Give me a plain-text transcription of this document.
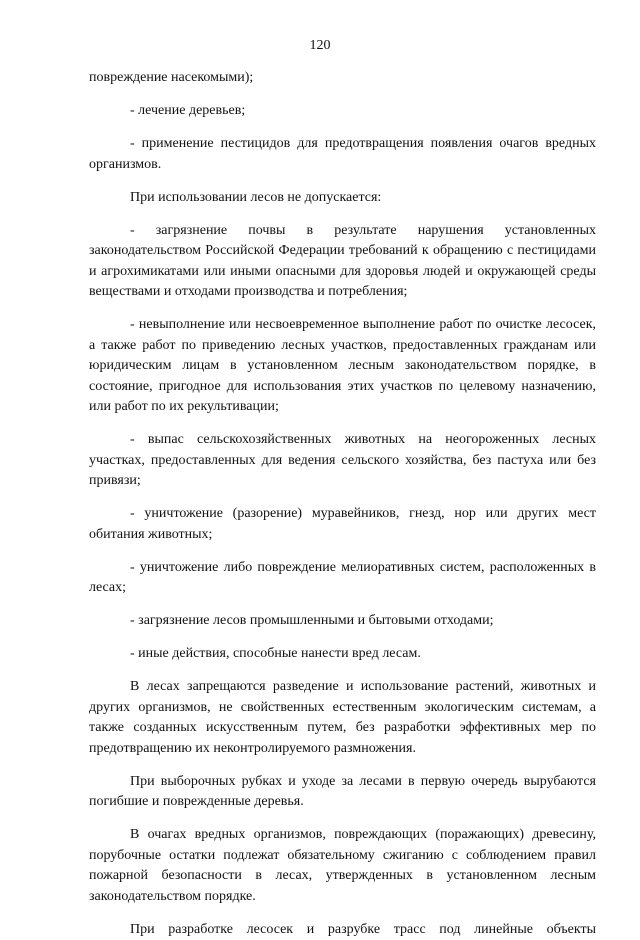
120

повреждение насекомыми);

- лечение деревьев;

- применение пестицидов для предотвращения появления очагов вредных организмов.

При использовании лесов не допускается:

- загрязнение почвы в результате нарушения установленных законодательством Российской Федерации требований к обращению с пестицидами и агрохимикатами или иными опасными для здоровья людей и окружающей среды веществами и отходами производства и потребления;

- невыполнение или несвоевременное выполнение работ по очистке лесосек, а также работ по приведению лесных участков, предоставленных гражданам или юридическим лицам в установленном лесным законодательством порядке, в состояние, пригодное для использования этих участков по целевому назначению, или работ по их рекультивации;

- выпас сельскохозяйственных животных на неогороженных лесных участках, предоставленных для ведения сельского хозяйства, без пастуха или без привязи;

- уничтожение (разорение) муравейников, гнезд, нор или других мест обитания животных;

- уничтожение либо повреждение мелиоративных систем, расположенных в лесах;

- загрязнение лесов промышленными и бытовыми отходами;

- иные действия, способные нанести вред лесам.

В лесах запрещаются разведение и использование растений, животных и других организмов, не свойственных естественным экологическим системам, а также созданных искусственным путем, без разработки эффективных мер по предотвращению их неконтролируемого размножения.

При выборочных рубках и уходе за лесами в первую очередь вырубаются погибшие и поврежденные деревья.

В очагах вредных организмов, повреждающих (поражающих) древесину, порубочные остатки подлежат обязательному сжиганию с соблюдением правил пожарной безопасности в лесах, утвержденных в установленном лесным законодательством порядке.

При разработке лесосек и разрубке трасс под линейные объекты
